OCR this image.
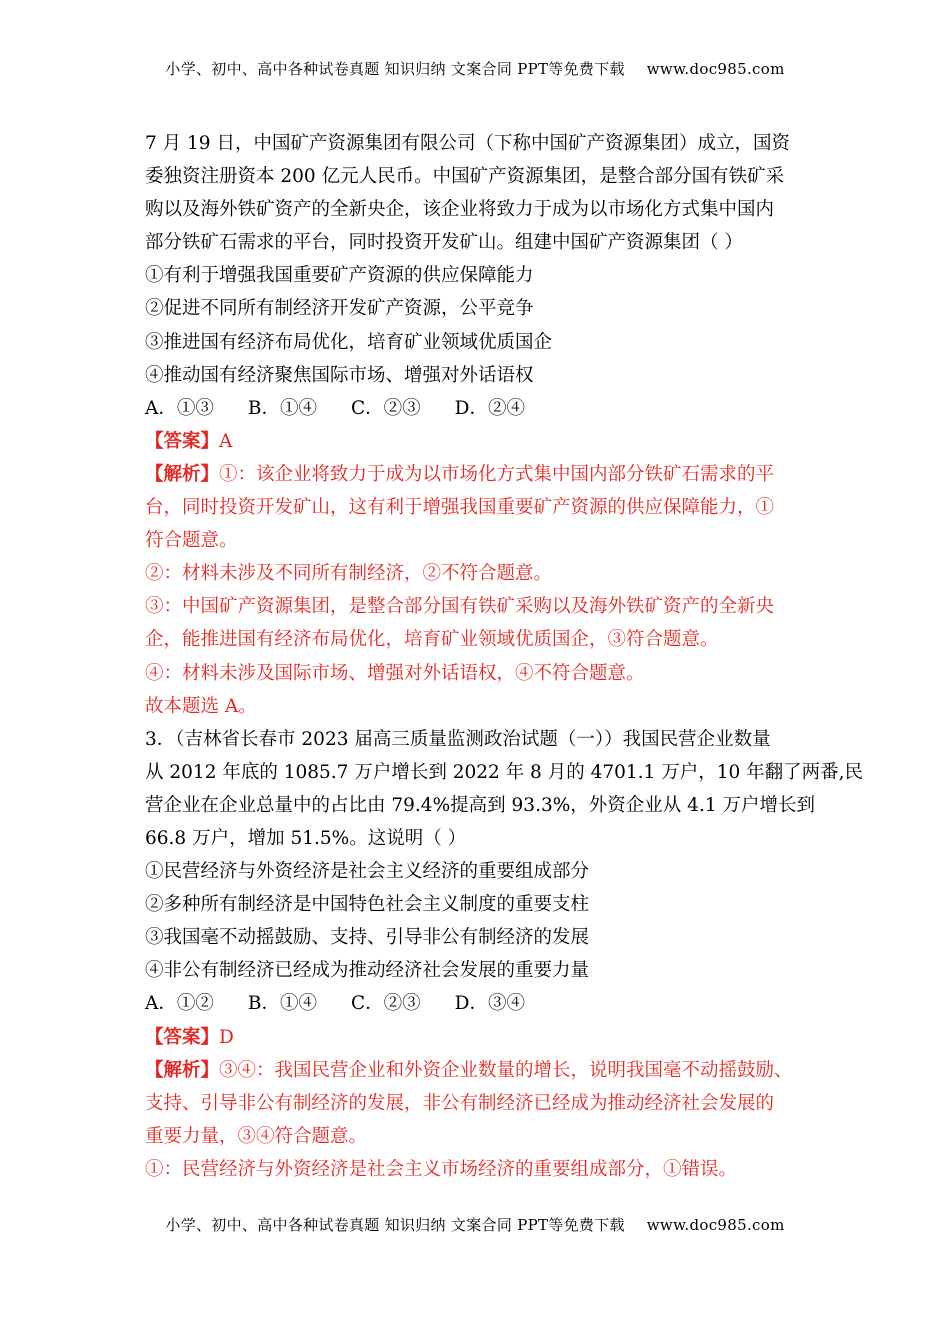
小学、初中、高中各种试卷真题 知识归纳 文案合同 PPT等免费下载 www.doc985.com
7 月 19 日，中国矿产资源集团有限公司（下称中国矿产资源集团）成立，国资
委独资注册资本 200 亿元人民币。中国矿产资源集团，是整合部分国有铁矿采
购以及海外铁矿资产的全新央企，该企业将致力于成为以市场化方式集中国内
部分铁矿石需求的平台，同时投资开发矿山。组建中国矿产资源集团（ ）
①有利于增强我国重要矿产资源的供应保障能力
②促进不同所有制经济开发矿产资源，公平竞争
③推进国有经济布局优化，培育矿业领域优质国企
④推动国有经济聚焦国际市场、增强对外话语权
A．①③ B．①④ C．②③ D．②④
【答案】A
【解析】①：该企业将致力于成为以市场化方式集中国内部分铁矿石需求的平
台，同时投资开发矿山，这有利于增强我国重要矿产资源的供应保障能力，①
符合题意。
②：材料未涉及不同所有制经济，②不符合题意。
③：中国矿产资源集团，是整合部分国有铁矿采购以及海外铁矿资产的全新央
企，能推进国有经济布局优化，培育矿业领域优质国企，③符合题意。
④：材料未涉及国际市场、增强对外话语权，④不符合题意。
故本题选 A。
3．（吉林省长春市 2023 届高三质量监测政治试题（一））我国民营企业数量
从 2012 年底的 1085.7 万户增长到 2022 年 8 月的 4701.1 万户，10 年翻了两番,民
营企业在企业总量中的占比由 79.4%提高到 93.3%，外资企业从 4.1 万户增长到
66.8 万户，增加 51.5%。这说明（ ）
①民营经济与外资经济是社会主义经济的重要组成部分
②多种所有制经济是中国特色社会主义制度的重要支柱
③我国毫不动摇鼓励、支持、引导非公有制经济的发展
④非公有制经济已经成为推动经济社会发展的重要力量
A．①② B．①④ C．②③ D．③④
【答案】D
【解析】③④：我国民营企业和外资企业数量的增长，说明我国毫不动摇鼓励、
支持、引导非公有制经济的发展，非公有制经济已经成为推动经济社会发展的
重要力量，③④符合题意。
①：民营经济与外资经济是社会主义市场经济的重要组成部分，①错误。
小学、初中、高中各种试卷真题 知识归纳 文案合同 PPT等免费下载 www.doc985.com
